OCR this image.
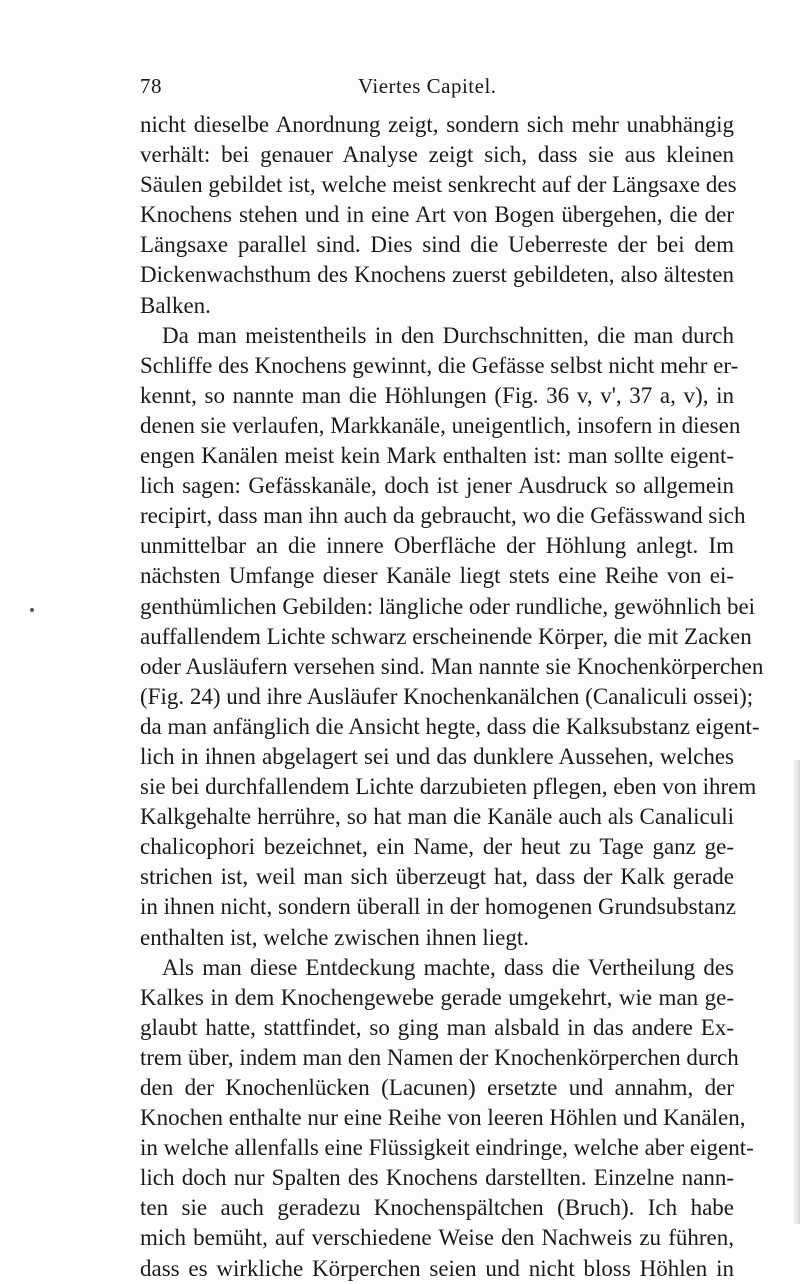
78	Viertes Capitel.
nicht dieselbe Anordnung zeigt, sondern sich mehr unabhängig
verhält: bei genauer Analyse zeigt sich, dass sie aus kleinen
Säulen gebildet ist, welche meist senkrecht auf der Längsaxe des
Knochens stehen und in eine Art von Bogen übergehen, die der
Längsaxe parallel sind. Dies sind die Ueberreste der bei dem
Dickenwachsthum des Knochens zuerst gebildeten, also ältesten
Balken.
Da man meistentheils in den Durchschnitten, die man durch
Schliffe des Knochens gewinnt, die Gefässe selbst nicht mehr er-
kennt, so nannte man die Höhlungen (Fig. 36 v, v', 37 a, v), in
denen sie verlaufen, Markkanäle, uneigentlich, insofern in diesen
engen Kanälen meist kein Mark enthalten ist: man sollte eigent-
lich sagen: Gefässkanäle, doch ist jener Ausdruck so allgemein
recipirt, dass man ihn auch da gebraucht, wo die Gefässwand sich
unmittelbar an die innere Oberfläche der Höhlung anlegt. Im
nächsten Umfange dieser Kanäle liegt stets eine Reihe von ei-
genthümlichen Gebilden: längliche oder rundliche, gewöhnlich bei
auffallendem Lichte schwarz erscheinende Körper, die mit Zacken
oder Ausläufern versehen sind. Man nannte sie Knochenkörperchen
(Fig. 24) und ihre Ausläufer Knochenkanälchen (Canaliculi ossei);
da man anfänglich die Ansicht hegte, dass die Kalksubstanz eigent-
lich in ihnen abgelagert sei und das dunklere Aussehen, welches
sie bei durchfallendem Lichte darzubieten pflegen, eben von ihrem
Kalkgehalte herrühre, so hat man die Kanäle auch als Canaliculi
chalicophori bezeichnet, ein Name, der heut zu Tage ganz ge-
strichen ist, weil man sich überzeugt hat, dass der Kalk gerade
in ihnen nicht, sondern überall in der homogenen Grundsubstanz
enthalten ist, welche zwischen ihnen liegt.
Als man diese Entdeckung machte, dass die Vertheilung des
Kalkes in dem Knochengewebe gerade umgekehrt, wie man ge-
glaubt hatte, stattfindet, so ging man alsbald in das andere Ex-
trem über, indem man den Namen der Knochenkörperchen durch
den der Knochenlücken (Lacunen) ersetzte und annahm, der
Knochen enthalte nur eine Reihe von leeren Höhlen und Kanälen,
in welche allenfalls eine Flüssigkeit eindringe, welche aber eigent-
lich doch nur Spalten des Knochens darstellten. Einzelne nann-
ten sie auch geradezu Knochenspältchen (Bruch). Ich habe
mich bemüht, auf verschiedene Weise den Nachweis zu führen,
dass es wirkliche Körperchen seien und nicht bloss Höhlen in
